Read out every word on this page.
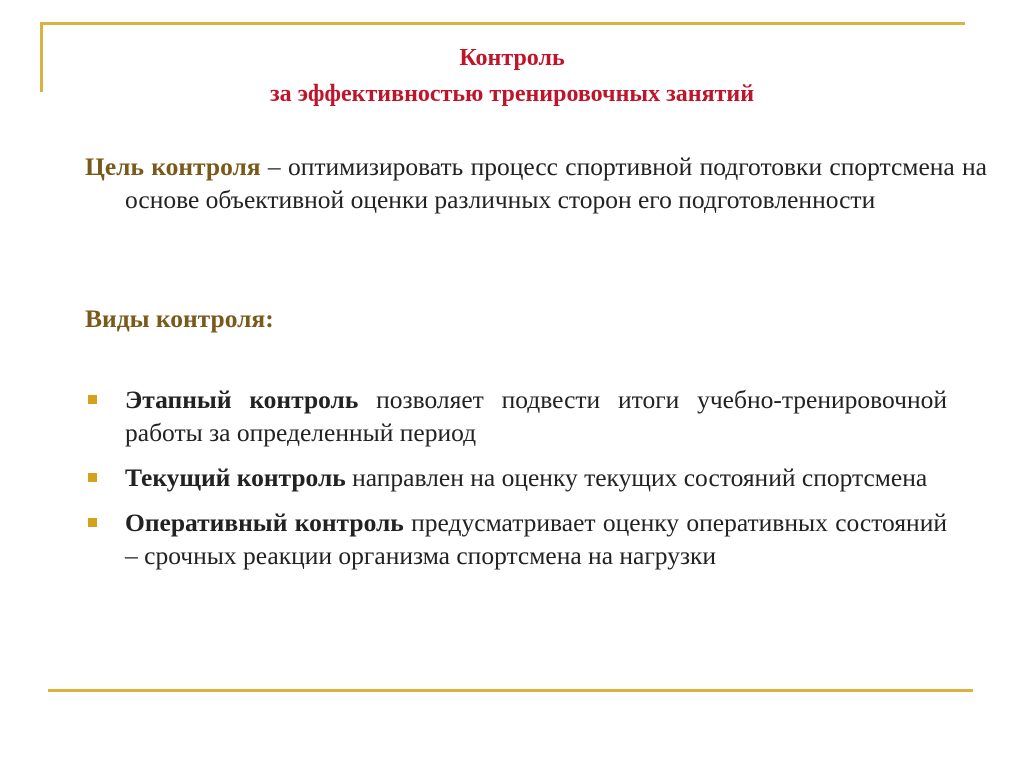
Контроль
за эффективностью тренировочных занятий
Цель контроля – оптимизировать процесс спортивной подготовки спортсмена на основе объективной оценки различных сторон его подготовленности
Виды контроля:
Этапный контроль позволяет подвести итоги учебно-тренировочной работы за определенный период
Текущий контроль направлен на оценку текущих состояний спортсмена
Оперативный контроль предусматривает оценку оперативных состояний – срочных реакции организма спортсмена на нагрузки
